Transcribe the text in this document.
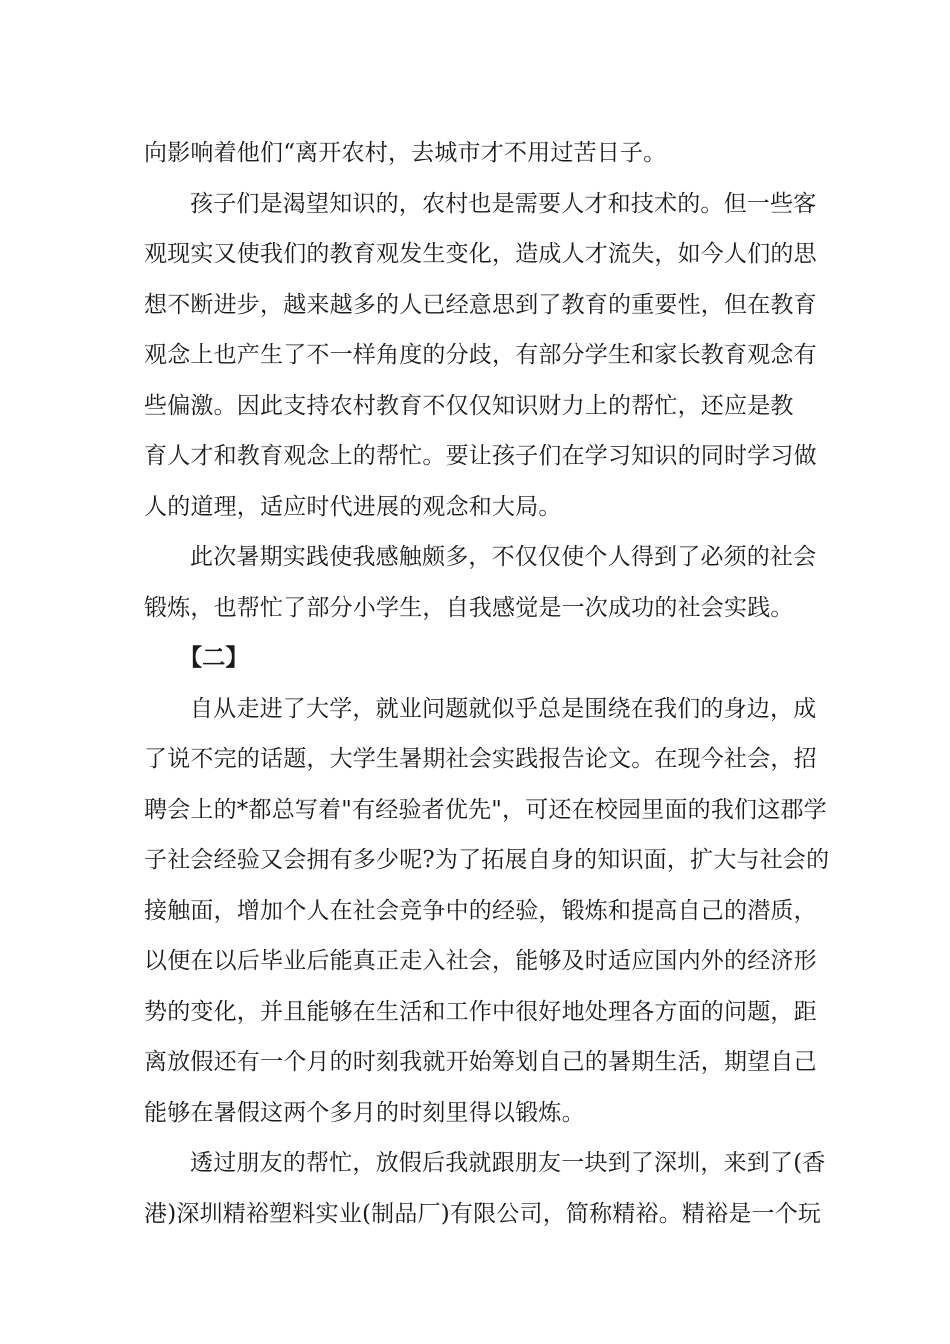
向影响着他们“离开农村，去城市才不用过苦日子。
孩子们是渴望知识的，农村也是需要人才和技术的。但一些客
观现实又使我们的教育观发生变化，造成人才流失，如今人们的思
想不断进步，越来越多的人已经意思到了教育的重要性，但在教育
观念上也产生了不一样角度的分歧，有部分学生和家长教育观念有
些偏激。因此支持农村教育不仅仅知识财力上的帮忙，还应是教
育人才和教育观念上的帮忙。要让孩子们在学习知识的同时学习做
人的道理，适应时代进展的观念和大局。
此次暑期实践使我感触颇多，不仅仅使个人得到了必须的社会
锻炼，也帮忙了部分小学生，自我感觉是一次成功的社会实践。
【二】
自从走进了大学，就业问题就似乎总是围绕在我们的身边，成
了说不完的话题，大学生暑期社会实践报告论文。在现今社会，招
聘会上的*都总写着"有经验者优先"，可还在校园里面的我们这郡学
子社会经验又会拥有多少呢?为了拓展自身的知识面，扩大与社会的
接触面，增加个人在社会竞争中的经验，锻炼和提高自己的潜质，
以便在以后毕业后能真正走入社会，能够及时适应国内外的经济形
势的变化，并且能够在生活和工作中很好地处理各方面的问题，距
离放假还有一个月的时刻我就开始筹划自己的暑期生活，期望自己
能够在暑假这两个多月的时刻里得以锻炼。
透过朋友的帮忙，放假后我就跟朋友一块到了深圳，来到了(香
港)深圳精裕塑料实业(制品厂)有限公司，简称精裕。精裕是一个玩
